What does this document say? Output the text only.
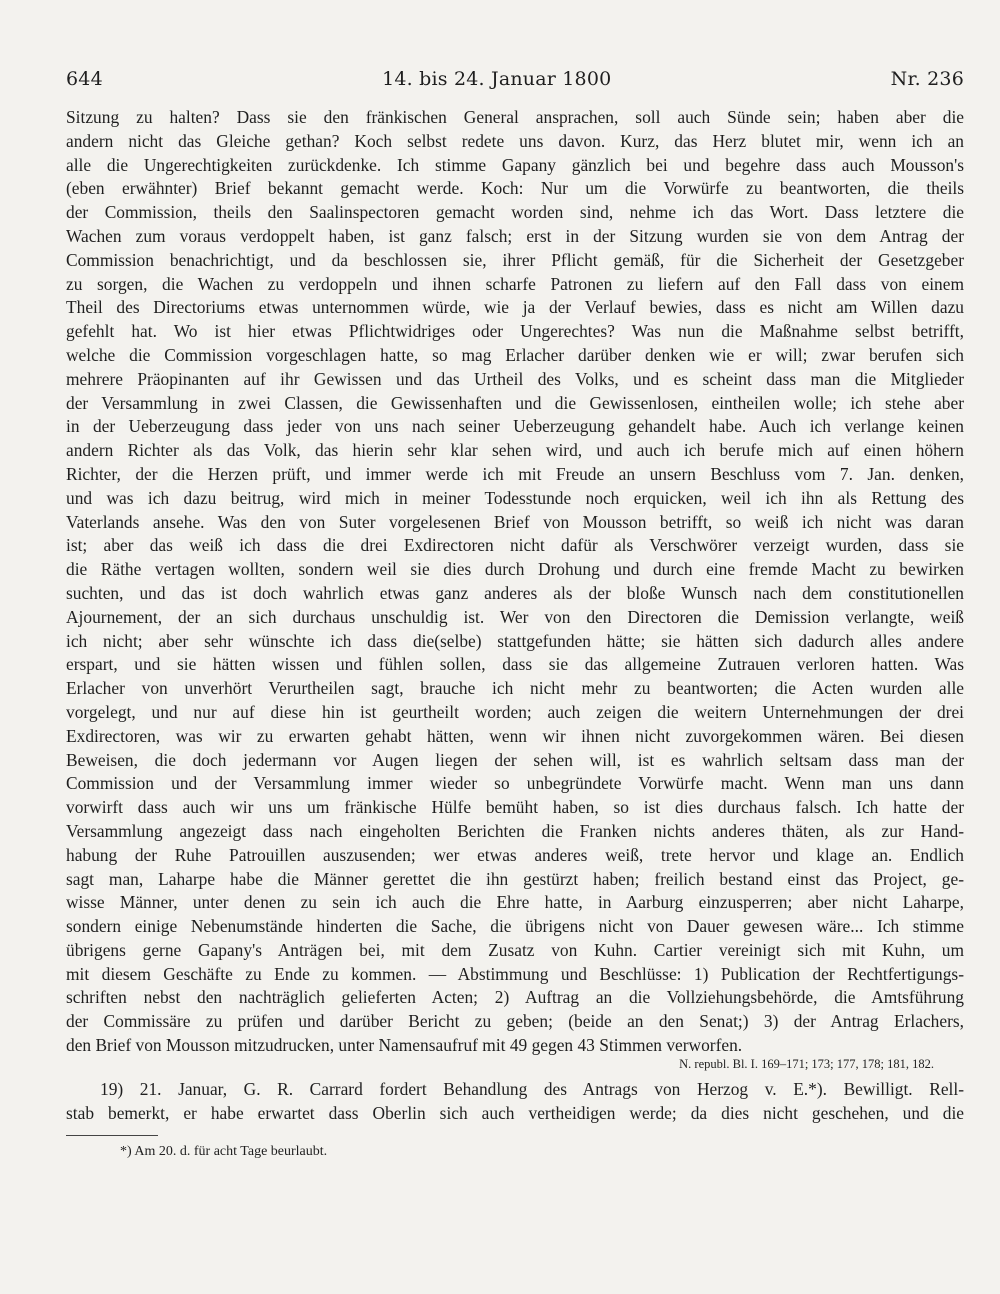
644	14. bis 24. Januar 1800	Nr. 236
Sitzung zu halten? Dass sie den fränkischen General ansprachen, soll auch Sünde sein; haben aber die
andern nicht das Gleiche gethan? Koch selbst redete uns davon. Kurz, das Herz blutet mir, wenn ich an
alle die Ungerechtigkeiten zurückdenke. Ich stimme Gapany gänzlich bei und begehre dass auch Mousson's
(eben erwähnter) Brief bekannt gemacht werde. Koch: Nur um die Vorwürfe zu beantworten, die theils
der Commission, theils den Saalinspectoren gemacht worden sind, nehme ich das Wort. Dass letztere die
Wachen zum voraus verdoppelt haben, ist ganz falsch; erst in der Sitzung wurden sie von dem Antrag der
Commission benachrichtigt, und da beschlossen sie, ihrer Pflicht gemäß, für die Sicherheit der Gesetzgeber
zu sorgen, die Wachen zu verdoppeln und ihnen scharfe Patronen zu liefern auf den Fall dass von einem
Theil des Directoriums etwas unternommen würde, wie ja der Verlauf bewies, dass es nicht am Willen dazu
gefehlt hat. Wo ist hier etwas Pflichtwidriges oder Ungerechtes? Was nun die Maßnahme selbst betrifft,
welche die Commission vorgeschlagen hatte, so mag Erlacher darüber denken wie er will; zwar berufen sich
mehrere Präopinanten auf ihr Gewissen und das Urtheil des Volks, und es scheint dass man die Mitglieder
der Versammlung in zwei Classen, die Gewissenhaften und die Gewissenlosen, eintheilen wolle; ich stehe aber
in der Ueberzeugung dass jeder von uns nach seiner Ueberzeugung gehandelt habe. Auch ich verlange keinen
andern Richter als das Volk, das hierin sehr klar sehen wird, und auch ich berufe mich auf einen höhern
Richter, der die Herzen prüft, und immer werde ich mit Freude an unsern Beschluss vom 7. Jan. denken,
und was ich dazu beitrug, wird mich in meiner Todesstunde noch erquicken, weil ich ihn als Rettung des
Vaterlands ansehe. Was den von Suter vorgelesenen Brief von Mousson betrifft, so weiß ich nicht was daran
ist; aber das weiß ich dass die drei Exdirectoren nicht dafür als Verschwörer verzeigt wurden, dass sie
die Räthe vertagen wollten, sondern weil sie dies durch Drohung und durch eine fremde Macht zu bewirken
suchten, und das ist doch wahrlich etwas ganz anderes als der bloße Wunsch nach dem constitutionellen
Ajournement, der an sich durchaus unschuldig ist. Wer von den Directoren die Demission verlangte, weiß
ich nicht; aber sehr wünschte ich dass die(selbe) stattgefunden hätte; sie hätten sich dadurch alles andere
erspart, und sie hätten wissen und fühlen sollen, dass sie das allgemeine Zutrauen verloren hatten. Was
Erlacher von unverhört Verurtheilen sagt, brauche ich nicht mehr zu beantworten; die Acten wurden alle
vorgelegt, und nur auf diese hin ist geurtheilt worden; auch zeigen die weitern Unternehmungen der drei
Exdirectoren, was wir zu erwarten gehabt hätten, wenn wir ihnen nicht zuvorgekommen wären. Bei diesen
Beweisen, die doch jedermann vor Augen liegen der sehen will, ist es wahrlich seltsam dass man der
Commission und der Versammlung immer wieder so unbegründete Vorwürfe macht. Wenn man uns dann
vorwirft dass auch wir uns um fränkische Hülfe bemüht haben, so ist dies durchaus falsch. Ich hatte der
Versammlung angezeigt dass nach eingeholten Berichten die Franken nichts anderes thäten, als zur Hand-
habung der Ruhe Patrouillen auszusenden; wer etwas anderes weiß, trete hervor und klage an. Endlich
sagt man, Laharpe habe die Männer gerettet die ihn gestürzt haben; freilich bestand einst das Project, ge-
wisse Männer, unter denen zu sein ich auch die Ehre hatte, in Aarburg einzusperren; aber nicht Laharpe,
sondern einige Nebenumstände hinderten die Sache, die übrigens nicht von Dauer gewesen wäre... Ich stimme
übrigens gerne Gapany's Anträgen bei, mit dem Zusatz von Kuhn. Cartier vereinigt sich mit Kuhn, um
mit diesem Geschäfte zu Ende zu kommen. — Abstimmung und Beschlüsse: 1) Publication der Rechtfertigungs-
schriften nebst den nachträglich gelieferten Acten; 2) Auftrag an die Vollziehungsbehörde, die Amtsführung
der Commissäre zu prüfen und darüber Bericht zu geben; (beide an den Senat;) 3) der Antrag Erlachers,
den Brief von Mousson mitzudrucken, unter Namensaufruf mit 49 gegen 43 Stimmen verworfen.
N. republ. Bl. I. 169–171; 173; 177, 178; 181, 182.
19) 21. Januar, G. R. Carrard fordert Behandlung des Antrags von Herzog v. E.*). Bewilligt. Rell-
stab bemerkt, er habe erwartet dass Oberlin sich auch vertheidigen werde; da dies nicht geschehen, und die
*) Am 20. d. für acht Tage beurlaubt.
